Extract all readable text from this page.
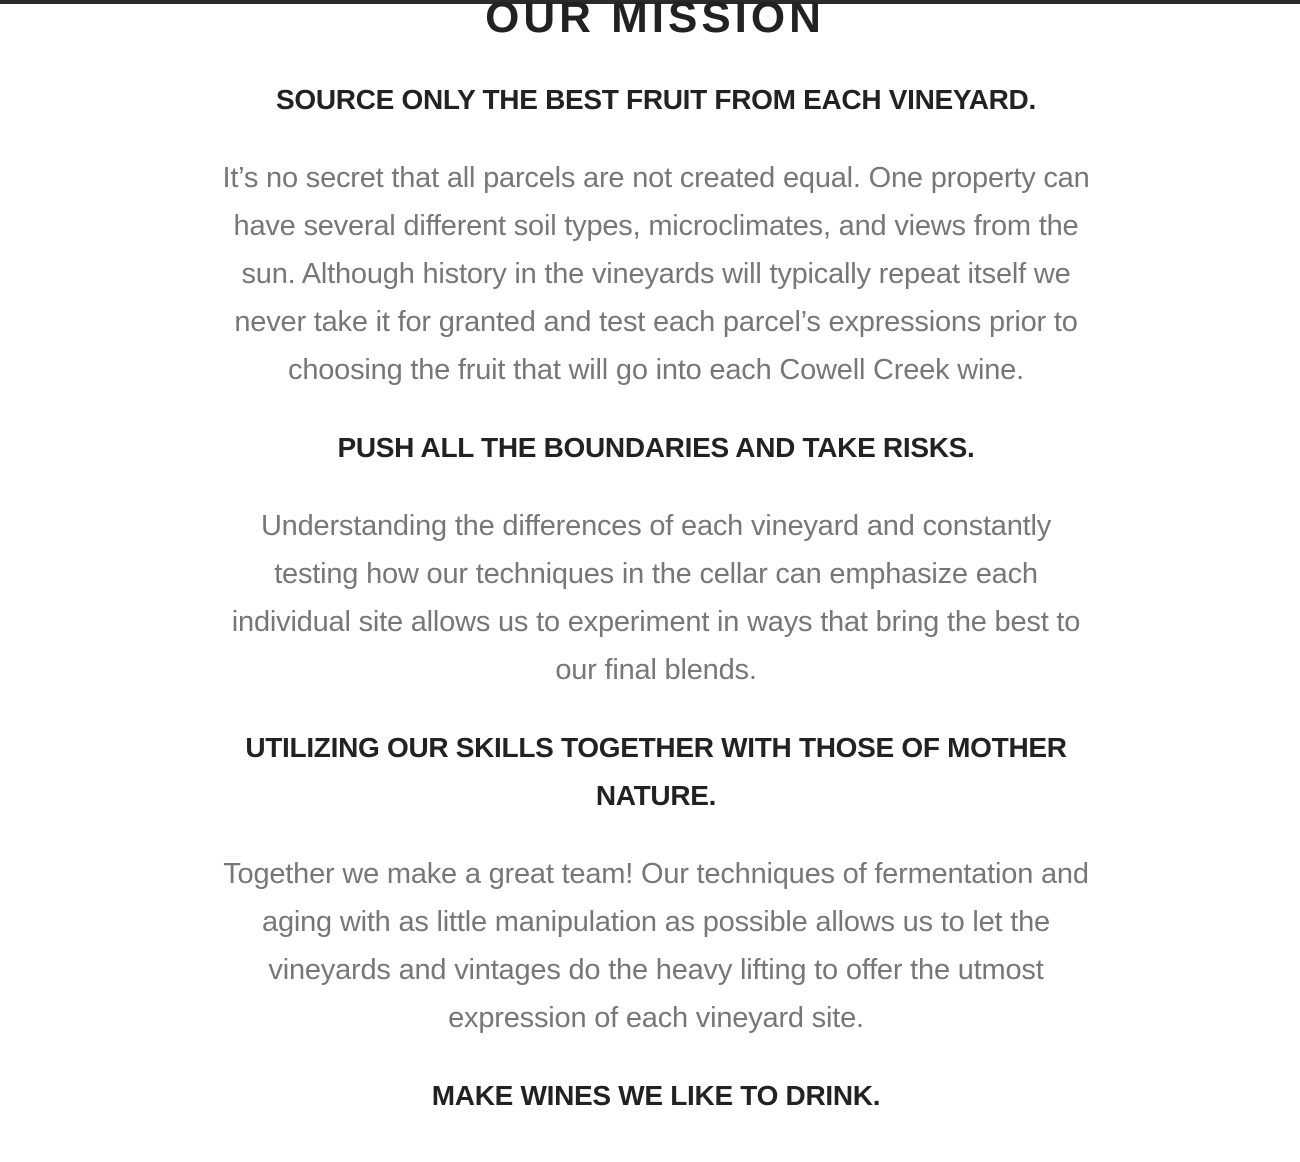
OUR MISSION
SOURCE ONLY THE BEST FRUIT FROM EACH VINEYARD.

It’s no secret that all parcels are not created equal. One property can have several different soil types, microclimates, and views from the sun. Although history in the vineyards will typically repeat itself we never take it for granted and test each parcel’s expressions prior to choosing the fruit that will go into each Cowell Creek wine.

PUSH ALL THE BOUNDARIES AND TAKE RISKS.

Understanding the differences of each vineyard and constantly testing how our techniques in the cellar can emphasize each individual site allows us to experiment in ways that bring the best to our final blends.

UTILIZING OUR SKILLS TOGETHER WITH THOSE OF MOTHER NATURE.

Together we make a great team! Our techniques of fermentation and aging with as little manipulation as possible allows us to let the vineyards and vintages do the heavy lifting to offer the utmost expression of each vineyard site.

MAKE WINES WE LIKE TO DRINK.
